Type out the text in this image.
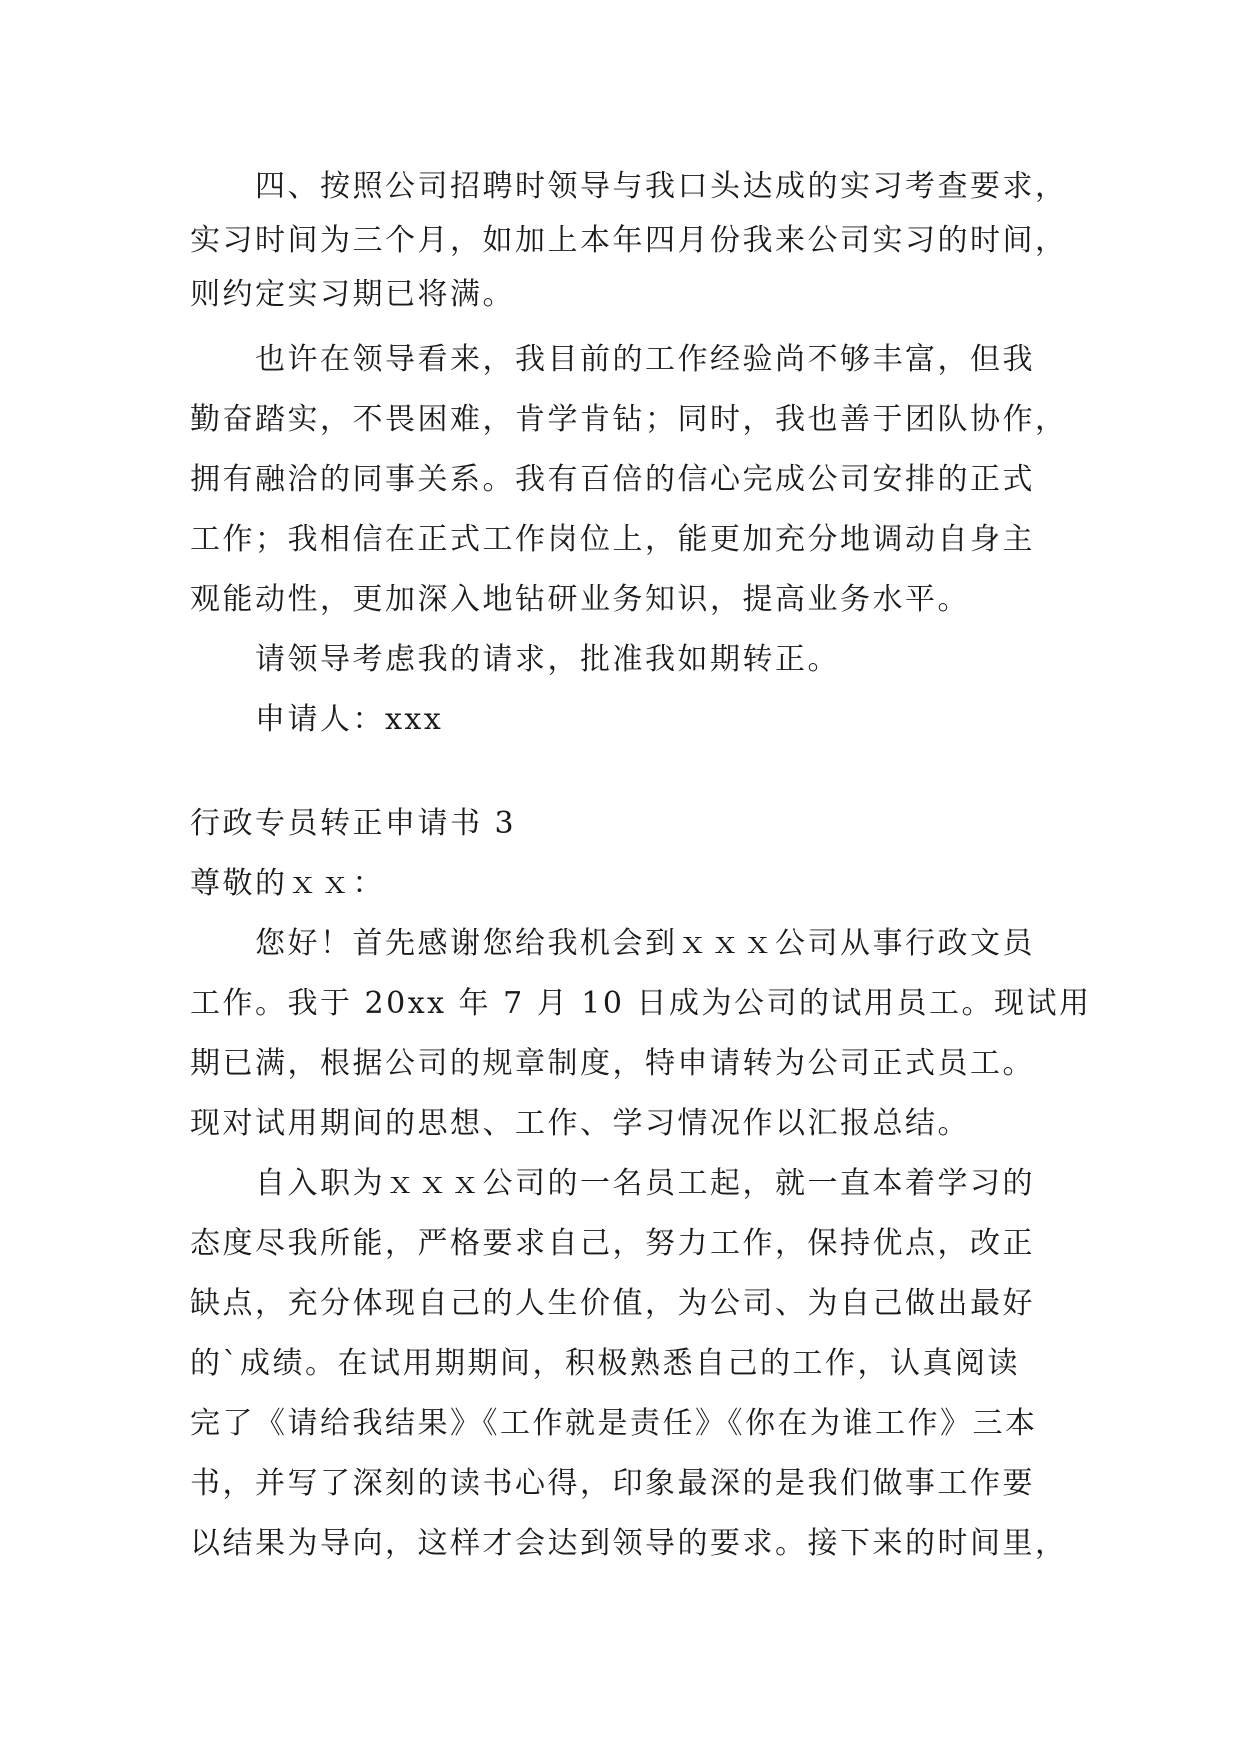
四、按照公司招聘时领导与我口头达成的实习考查要求，
实习时间为三个月，如加上本年四月份我来公司实习的时间，
则约定实习期已将满。
也许在领导看来，我目前的工作经验尚不够丰富，但我
勤奋踏实，不畏困难，肯学肯钻；同时，我也善于团队协作，
拥有融洽的同事关系。我有百倍的信心完成公司安排的正式
工作；我相信在正式工作岗位上，能更加充分地调动自身主
观能动性，更加深入地钻研业务知识，提高业务水平。
请领导考虑我的请求，批准我如期转正。
申请人：xxx
行政专员转正申请书 3
尊敬的ｘｘ：
您好！首先感谢您给我机会到ｘｘｘ公司从事行政文员
工作。我于 20xx 年 7 月 10 日成为公司的试用员工。现试用
期已满，根据公司的规章制度，特申请转为公司正式员工。
现对试用期间的思想、工作、学习情况作以汇报总结。
自入职为ｘｘｘ公司的一名员工起，就一直本着学习的
态度尽我所能，严格要求自己，努力工作，保持优点，改正
缺点，充分体现自己的人生价值，为公司、为自己做出最好
的`成绩。在试用期期间，积极熟悉自己的工作，认真阅读
完了《请给我结果》《工作就是责任》《你在为谁工作》三本
书，并写了深刻的读书心得，印象最深的是我们做事工作要
以结果为导向，这样才会达到领导的要求。接下来的时间里，
